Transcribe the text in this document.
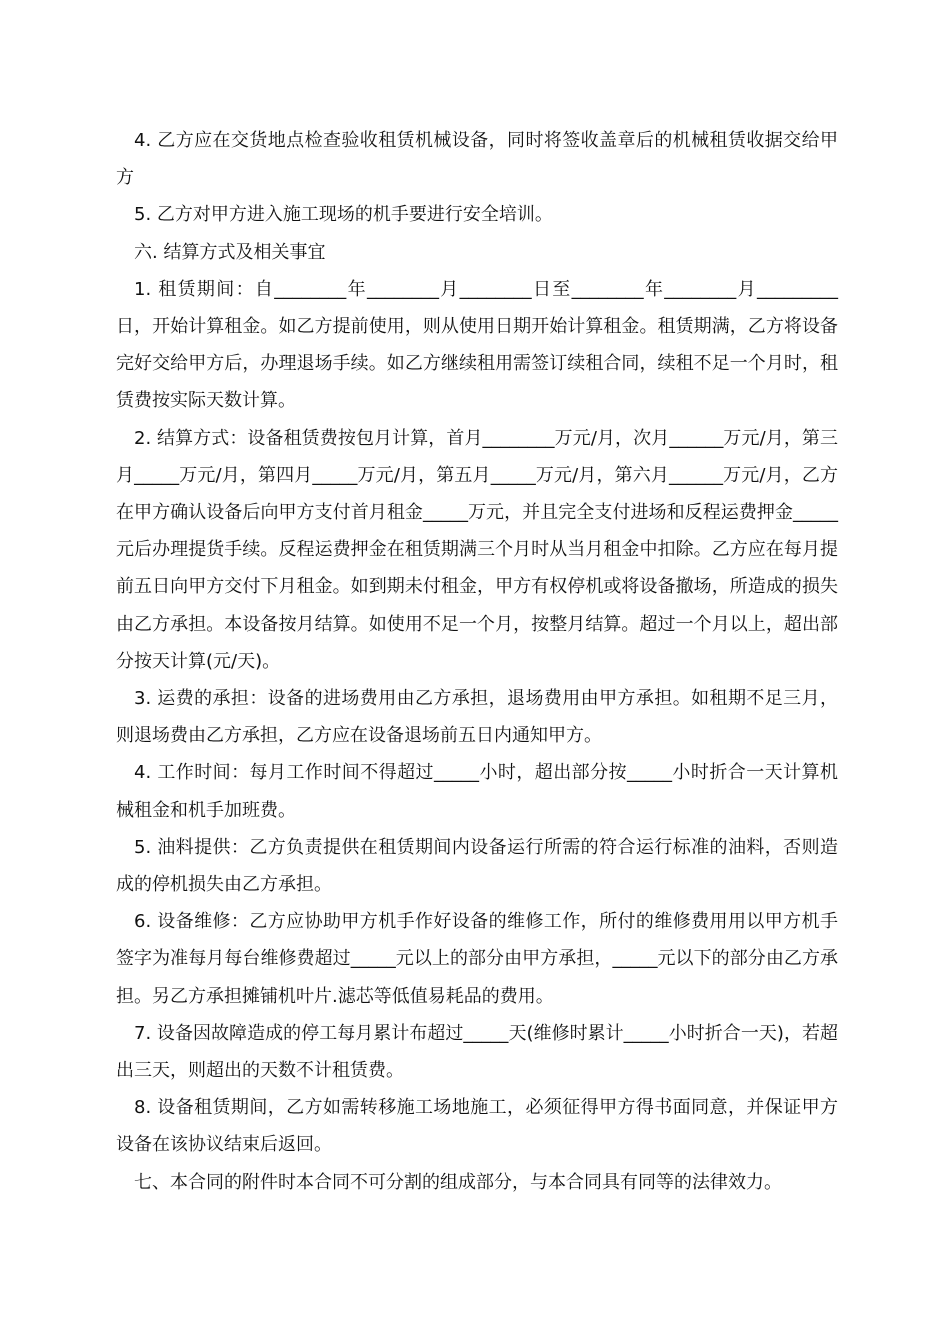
4. 乙方应在交货地点检查验收租赁机械设备，同时将签收盖章后的机械租赁收据交给甲方

5. 乙方对甲方进入施工现场的机手要进行安全培训。

六. 结算方式及相关事宜

1. 租赁期间：自________年________月________日至________年________月_________日，开始计算租金。如乙方提前使用，则从使用日期开始计算租金。租赁期满，乙方将设备完好交给甲方后，办理退场手续。如乙方继续租用需签订续租合同，续租不足一个月时，租赁费按实际天数计算。

2. 结算方式：设备租赁费按包月计算，首月________万元/月，次月______万元/月，第三月_____万元/月，第四月_____万元/月，第五月_____万元/月，第六月______万元/月，乙方在甲方确认设备后向甲方支付首月租金_____万元，并且完全支付进场和反程运费押金_____元后办理提货手续。反程运费押金在租赁期满三个月时从当月租金中扣除。乙方应在每月提前五日向甲方交付下月租金。如到期未付租金，甲方有权停机或将设备撤场，所造成的损失由乙方承担。本设备按月结算。如使用不足一个月，按整月结算。超过一个月以上，超出部分按天计算(元/天)。

3. 运费的承担：设备的进场费用由乙方承担，退场费用由甲方承担。如租期不足三月，则退场费由乙方承担，乙方应在设备退场前五日内通知甲方。

4. 工作时间：每月工作时间不得超过_____小时，超出部分按_____小时折合一天计算机械租金和机手加班费。

5. 油料提供：乙方负责提供在租赁期间内设备运行所需的符合运行标准的油料，否则造成的停机损失由乙方承担。

6. 设备维修：乙方应协助甲方机手作好设备的维修工作，所付的维修费用用以甲方机手签字为准每月每台维修费超过_____元以上的部分由甲方承担，_____元以下的部分由乙方承担。另乙方承担摊铺机叶片.滤芯等低值易耗品的费用。

7. 设备因故障造成的停工每月累计布超过_____天(维修时累计_____小时折合一天)，若超出三天，则超出的天数不计租赁费。

8. 设备租赁期间，乙方如需转移施工场地施工，必须征得甲方得书面同意，并保证甲方设备在该协议结束后返回。

七、本合同的附件时本合同不可分割的组成部分，与本合同具有同等的法律效力。
